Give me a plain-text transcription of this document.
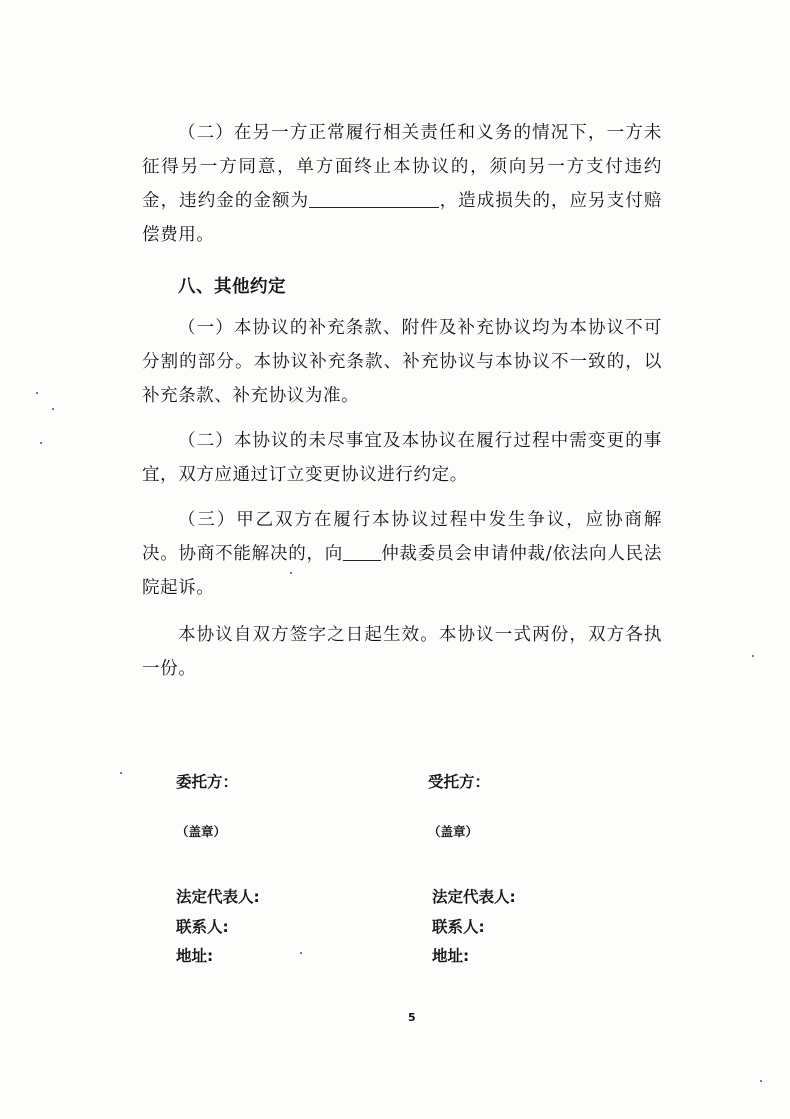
（二）在另一方正常履行相关责任和义务的情况下，一方未征得另一方同意，单方面终止本协议的，须向另一方支付违约金，违约金的金额为	，造成损失的，应另支付赔偿费用。

八、其他约定

（一）本协议的补充条款、附件及补充协议均为本协议不可分割的部分。本协议补充条款、补充协议与本协议不一致的，以补充条款、补充协议为准。

（二）本协议的未尽事宜及本协议在履行过程中需变更的事宜，双方应通过订立变更协议进行约定。

（三）甲乙双方在履行本协议过程中发生争议，应协商解决。协商不能解决的，向 仲裁委员会申请仲裁/依法向人民法院起诉。

本协议自双方签字之日起生效。本协议一式两份，双方各执一份。

委托方：
（盖章）
法定代表人:
联系人:
地址:
受托方：
（盖章）
法定代表人:
联系人:
地址:
5
